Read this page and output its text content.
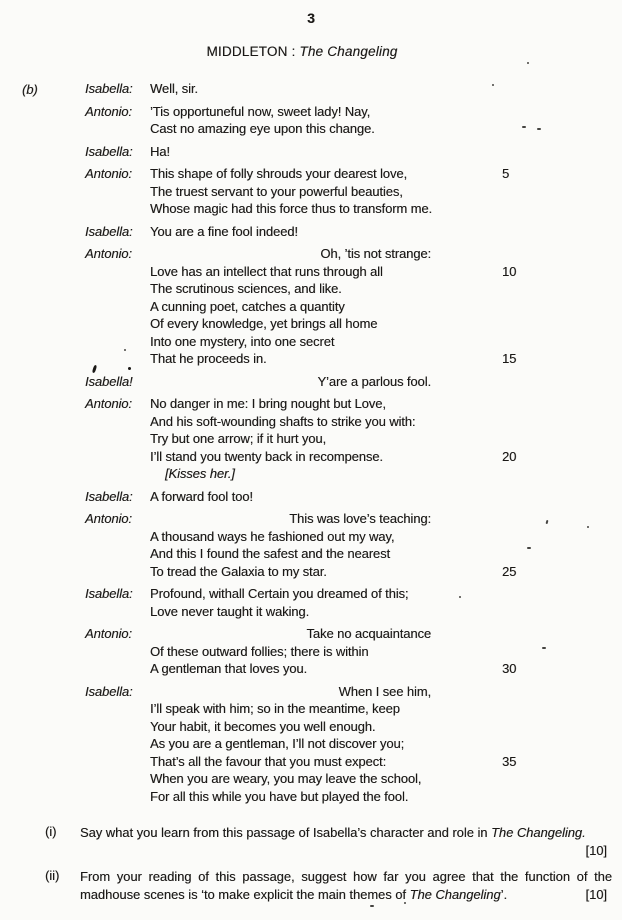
3
MIDDLETON : The Changeling
(b)	Isabella:	Well, sir.
Antonio:	’Tis opportuneful now, sweet lady! Nay,
Cast no amazing eye upon this change.
Isabella:	Ha!
Antonio:	This shape of folly shrouds your dearest love,	5
The truest servant to your powerful beauties,
Whose magic had this force thus to transform me.
Isabella:	You are a fine fool indeed!
Antonio:	Oh, ’tis not strange:
Love has an intellect that runs through all	10
The scrutinous sciences, and like.
A cunning poet, catches a quantity
Of every knowledge, yet brings all home
Into one mystery, into one secret
That he proceeds in.	15
Isabella!	Y’are a parlous fool.
Antonio:	No danger in me: I bring nought but Love,
And his soft-wounding shafts to strike you with:
Try but one arrow; if it hurt you,
I’ll stand you twenty back in recompense.	20
[Kisses her.]
Isabella:	A forward fool too!
Antonio:	This was love’s teaching:
A thousand ways he fashioned out my way,
And this I found the safest and the nearest
To tread the Galaxia to my star.	25
Isabella:	Profound, withall Certain you dreamed of this;
Love never taught it waking.
Antonio:	Take no acquaintance
Of these outward follies; there is within
A gentleman that loves you.	30
Isabella:	When I see him,
I’ll speak with him; so in the meantime, keep
Your habit, it becomes you well enough.
As you are a gentleman, I’ll not discover you;
That’s all the favour that you must expect:	35
When you are weary, you may leave the school,
For all this while you have but played the fool.
(i)	Say what you learn from this passage of Isabella’s character and role in The Changeling.
[10]
(ii)	From your reading of this passage, suggest how far you agree that the function of the madhouse scenes is ‘to make explicit the main themes of The Changeling’.	[10]
